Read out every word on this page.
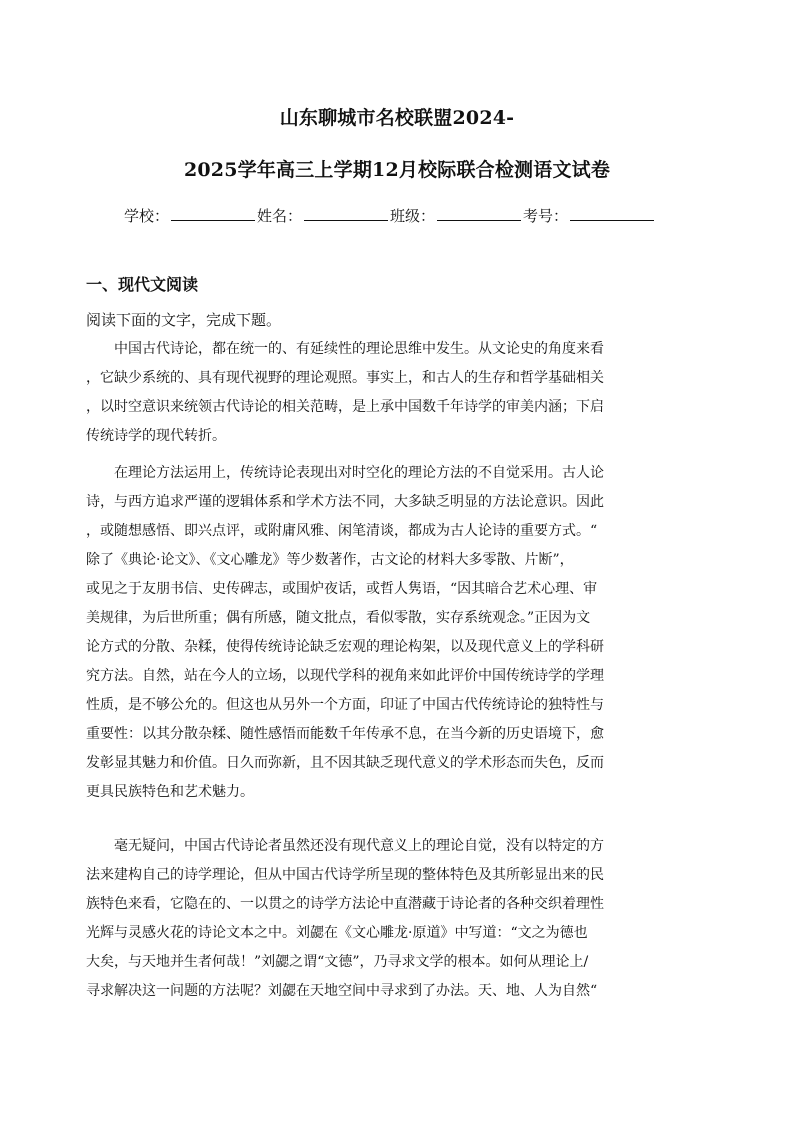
山东聊城市名校联盟2024-
2025学年高三上学期12月校际联合检测语文试卷
学校：	姓名：	班级：	考号：
一、现代文阅读
阅读下面的文字，完成下题。
　　中国古代诗论，都在统一的、有延续性的理论思维中发生。从文论史的角度来看
，它缺少系统的、具有现代视野的理论观照。事实上，和古人的生存和哲学基础相关
，以时空意识来统领古代诗论的相关范畴，是上承中国数千年诗学的审美内涵；下启
传统诗学的现代转折。
　　在理论方法运用上，传统诗论表现出对时空化的理论方法的不自觉采用。古人论
诗，与西方追求严谨的逻辑体系和学术方法不同，大多缺乏明显的方法论意识。因此
，或随想感悟、即兴点评，或附庸风雅、闲笔清谈，都成为古人论诗的重要方式。“
除了《典论·论文》、《文心雕龙》等少数著作，古文论的材料大多零散、片断”，
或见之于友朋书信、史传碑志，或围炉夜话，或哲人隽语，“因其暗合艺术心理、审
美规律，为后世所重；偶有所感，随文批点，看似零散，实存系统观念。”正因为文
论方式的分散、杂糅，使得传统诗论缺乏宏观的理论构架，以及现代意义上的学科研
究方法。自然，站在今人的立场，以现代学科的视角来如此评价中国传统诗学的学理
性质，是不够公允的。但这也从另外一个方面，印证了中国古代传统诗论的独特性与
重要性：以其分散杂糅、随性感悟而能数千年传承不息，在当今新的历史语境下，愈
发彰显其魅力和价值。日久而弥新，且不因其缺乏现代意义的学术形态而失色，反而
更具民族特色和艺术魅力。
　　毫无疑问，中国古代诗论者虽然还没有现代意义上的理论自觉，没有以特定的方
法来建构自己的诗学理论，但从中国古代诗学所呈现的整体特色及其所彰显出来的民
族特色来看，它隐在的、一以贯之的诗学方法论中直潜藏于诗论者的各种交织着理性
光辉与灵感火花的诗论文本之中。刘勰在《文心雕龙·原道》中写道：“文之为德也
大矣，与天地并生者何哉！”刘勰之谓“文德”，乃寻求文学的根本。如何从理论上/
寻求解决这一问题的方法呢？刘勰在天地空间中寻求到了办法。天、地、人为自然“
